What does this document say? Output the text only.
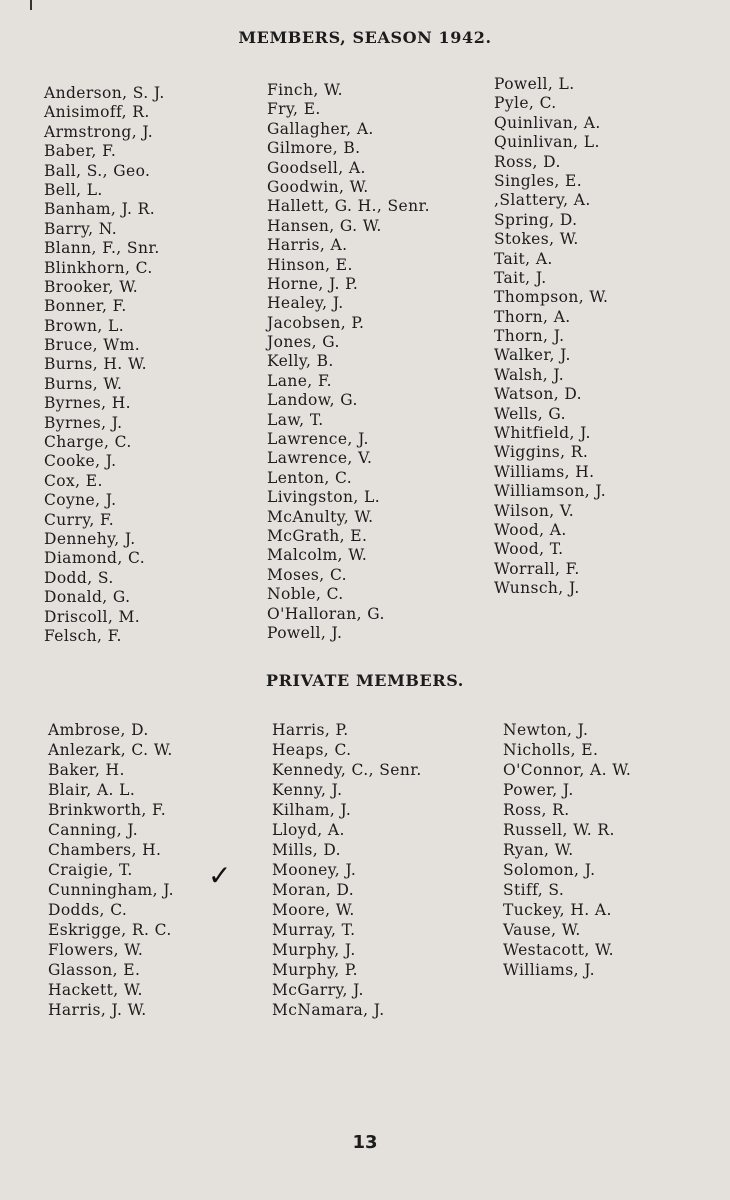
MEMBERS, SEASON 1942.
Anderson, S. J.
Anisimoff, R.
Armstrong, J.
Baber, F.
Ball, S., Geo.
Bell, L.
Banham, J. R.
Barry, N.
Blann, F., Snr.
Blinkhorn, C.
Brooker, W.
Bonner, F.
Brown, L.
Bruce, Wm.
Burns, H. W.
Burns, W.
Byrnes, H.
Byrnes, J.
Charge, C.
Cooke, J.
Cox, E.
Coyne, J.
Curry, F.
Dennehy, J.
Diamond, C.
Dodd, S.
Donald, G.
Driscoll, M.
Felsch, F.
Finch, W.
Fry, E.
Gallagher, A.
Gilmore, B.
Goodsell, A.
Goodwin, W.
Hallett, G. H., Senr.
Hansen, G. W.
Harris, A.
Hinson, E.
Horne, J. P.
Healey, J.
Jacobsen, P.
Jones, G.
Kelly, B.
Lane, F.
Landow, G.
Law, T.
Lawrence, J.
Lawrence, V.
Lenton, C.
Livingston, L.
McAnulty, W.
McGrath, E.
Malcolm, W.
Moses, C.
Noble, C.
O'Halloran, G.
Powell, J.
Powell, L.
Pyle, C.
Quinlivan, A.
Quinlivan, L.
Ross, D.
Singles, E.
,Slattery, A.
Spring, D.
Stokes, W.
Tait, A.
Tait, J.
Thompson, W.
Thorn, A.
Thorn, J.
Walker, J.
Walsh, J.
Watson, D.
Wells, G.
Whitfield, J.
Wiggins, R.
Williams, H.
Williamson, J.
Wilson, V.
Wood, A.
Wood, T.
Worrall, F.
Wunsch, J.
PRIVATE MEMBERS.
Ambrose, D.
Anlezark, C. W.
Baker, H.
Blair, A. L.
Brinkworth, F.
Canning, J.
Chambers, H.
Craigie, T.
Cunningham, J.
Dodds, C.
Eskrigge, R. C.
Flowers, W.
Glasson, E.
Hackett, W.
Harris, J. W.
Harris, P.
Heaps, C.
Kennedy, C., Senr.
Kenny, J.
Kilham, J.
Lloyd, A.
Mills, D.
Mooney, J.
Moran, D.
Moore, W.
Murray, T.
Murphy, J.
Murphy, P.
McGarry, J.
McNamara, J.
Newton, J.
Nicholls, E.
O'Connor, A. W.
Power, J.
Ross, R.
Russell, W. R.
Ryan, W.
Solomon, J.
Stiff, S.
Tuckey, H. A.
Vause, W.
Westacott, W.
Williams, J.
✓
13
